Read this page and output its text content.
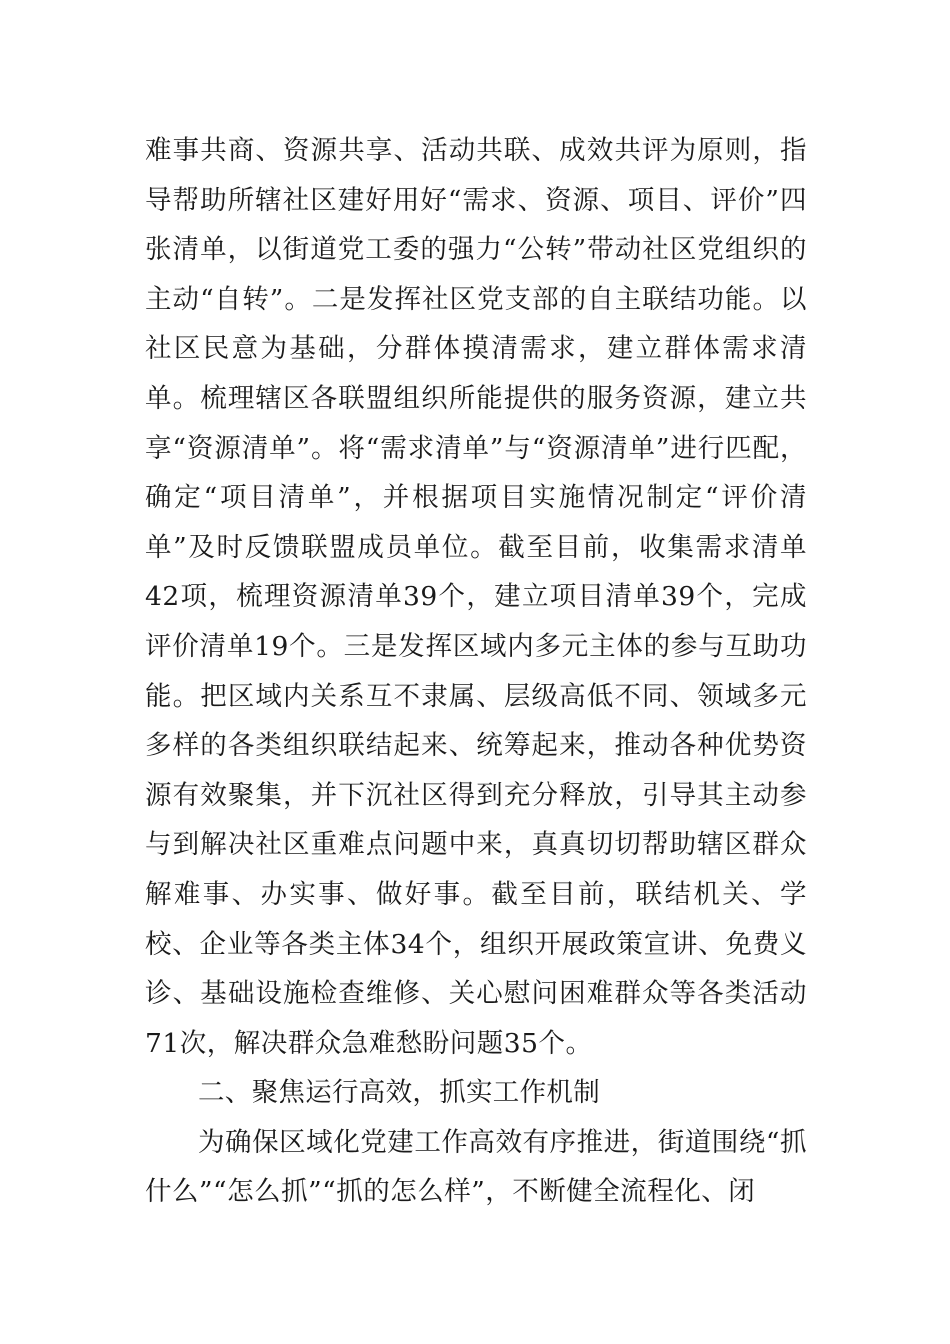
难事共商、资源共享、活动共联、成效共评为原则，指导帮助所辖社区建好用好“需求、资源、项目、评价”四张清单，以街道党工委的强力“公转”带动社区党组织的主动“自转”。二是发挥社区党支部的自主联结功能。以社区民意为基础，分群体摸清需求，建立群体需求清单。梳理辖区各联盟组织所能提供的服务资源，建立共享“资源清单”。将“需求清单”与“资源清单”进行匹配，确定“项目清单”，并根据项目实施情况制定“评价清单”及时反馈联盟成员单位。截至目前，收集需求清单42项，梳理资源清单39个，建立项目清单39个，完成评价清单19个。三是发挥区域内多元主体的参与互助功能。把区域内关系互不隶属、层级高低不同、领域多元多样的各类组织联结起来、统筹起来，推动各种优势资源有效聚集，并下沉社区得到充分释放，引导其主动参与到解决社区重难点问题中来，真真切切帮助辖区群众解难事、办实事、做好事。截至目前，联结机关、学校、企业等各类主体34个，组织开展政策宣讲、免费义诊、基础设施检查维修、关心慰问困难群众等各类活动71次，解决群众急难愁盼问题35个。

二、聚焦运行高效，抓实工作机制

为确保区域化党建工作高效有序推进，街道围绕“抓什么”“怎么抓”“抓的怎么样”，不断健全流程化、闭
